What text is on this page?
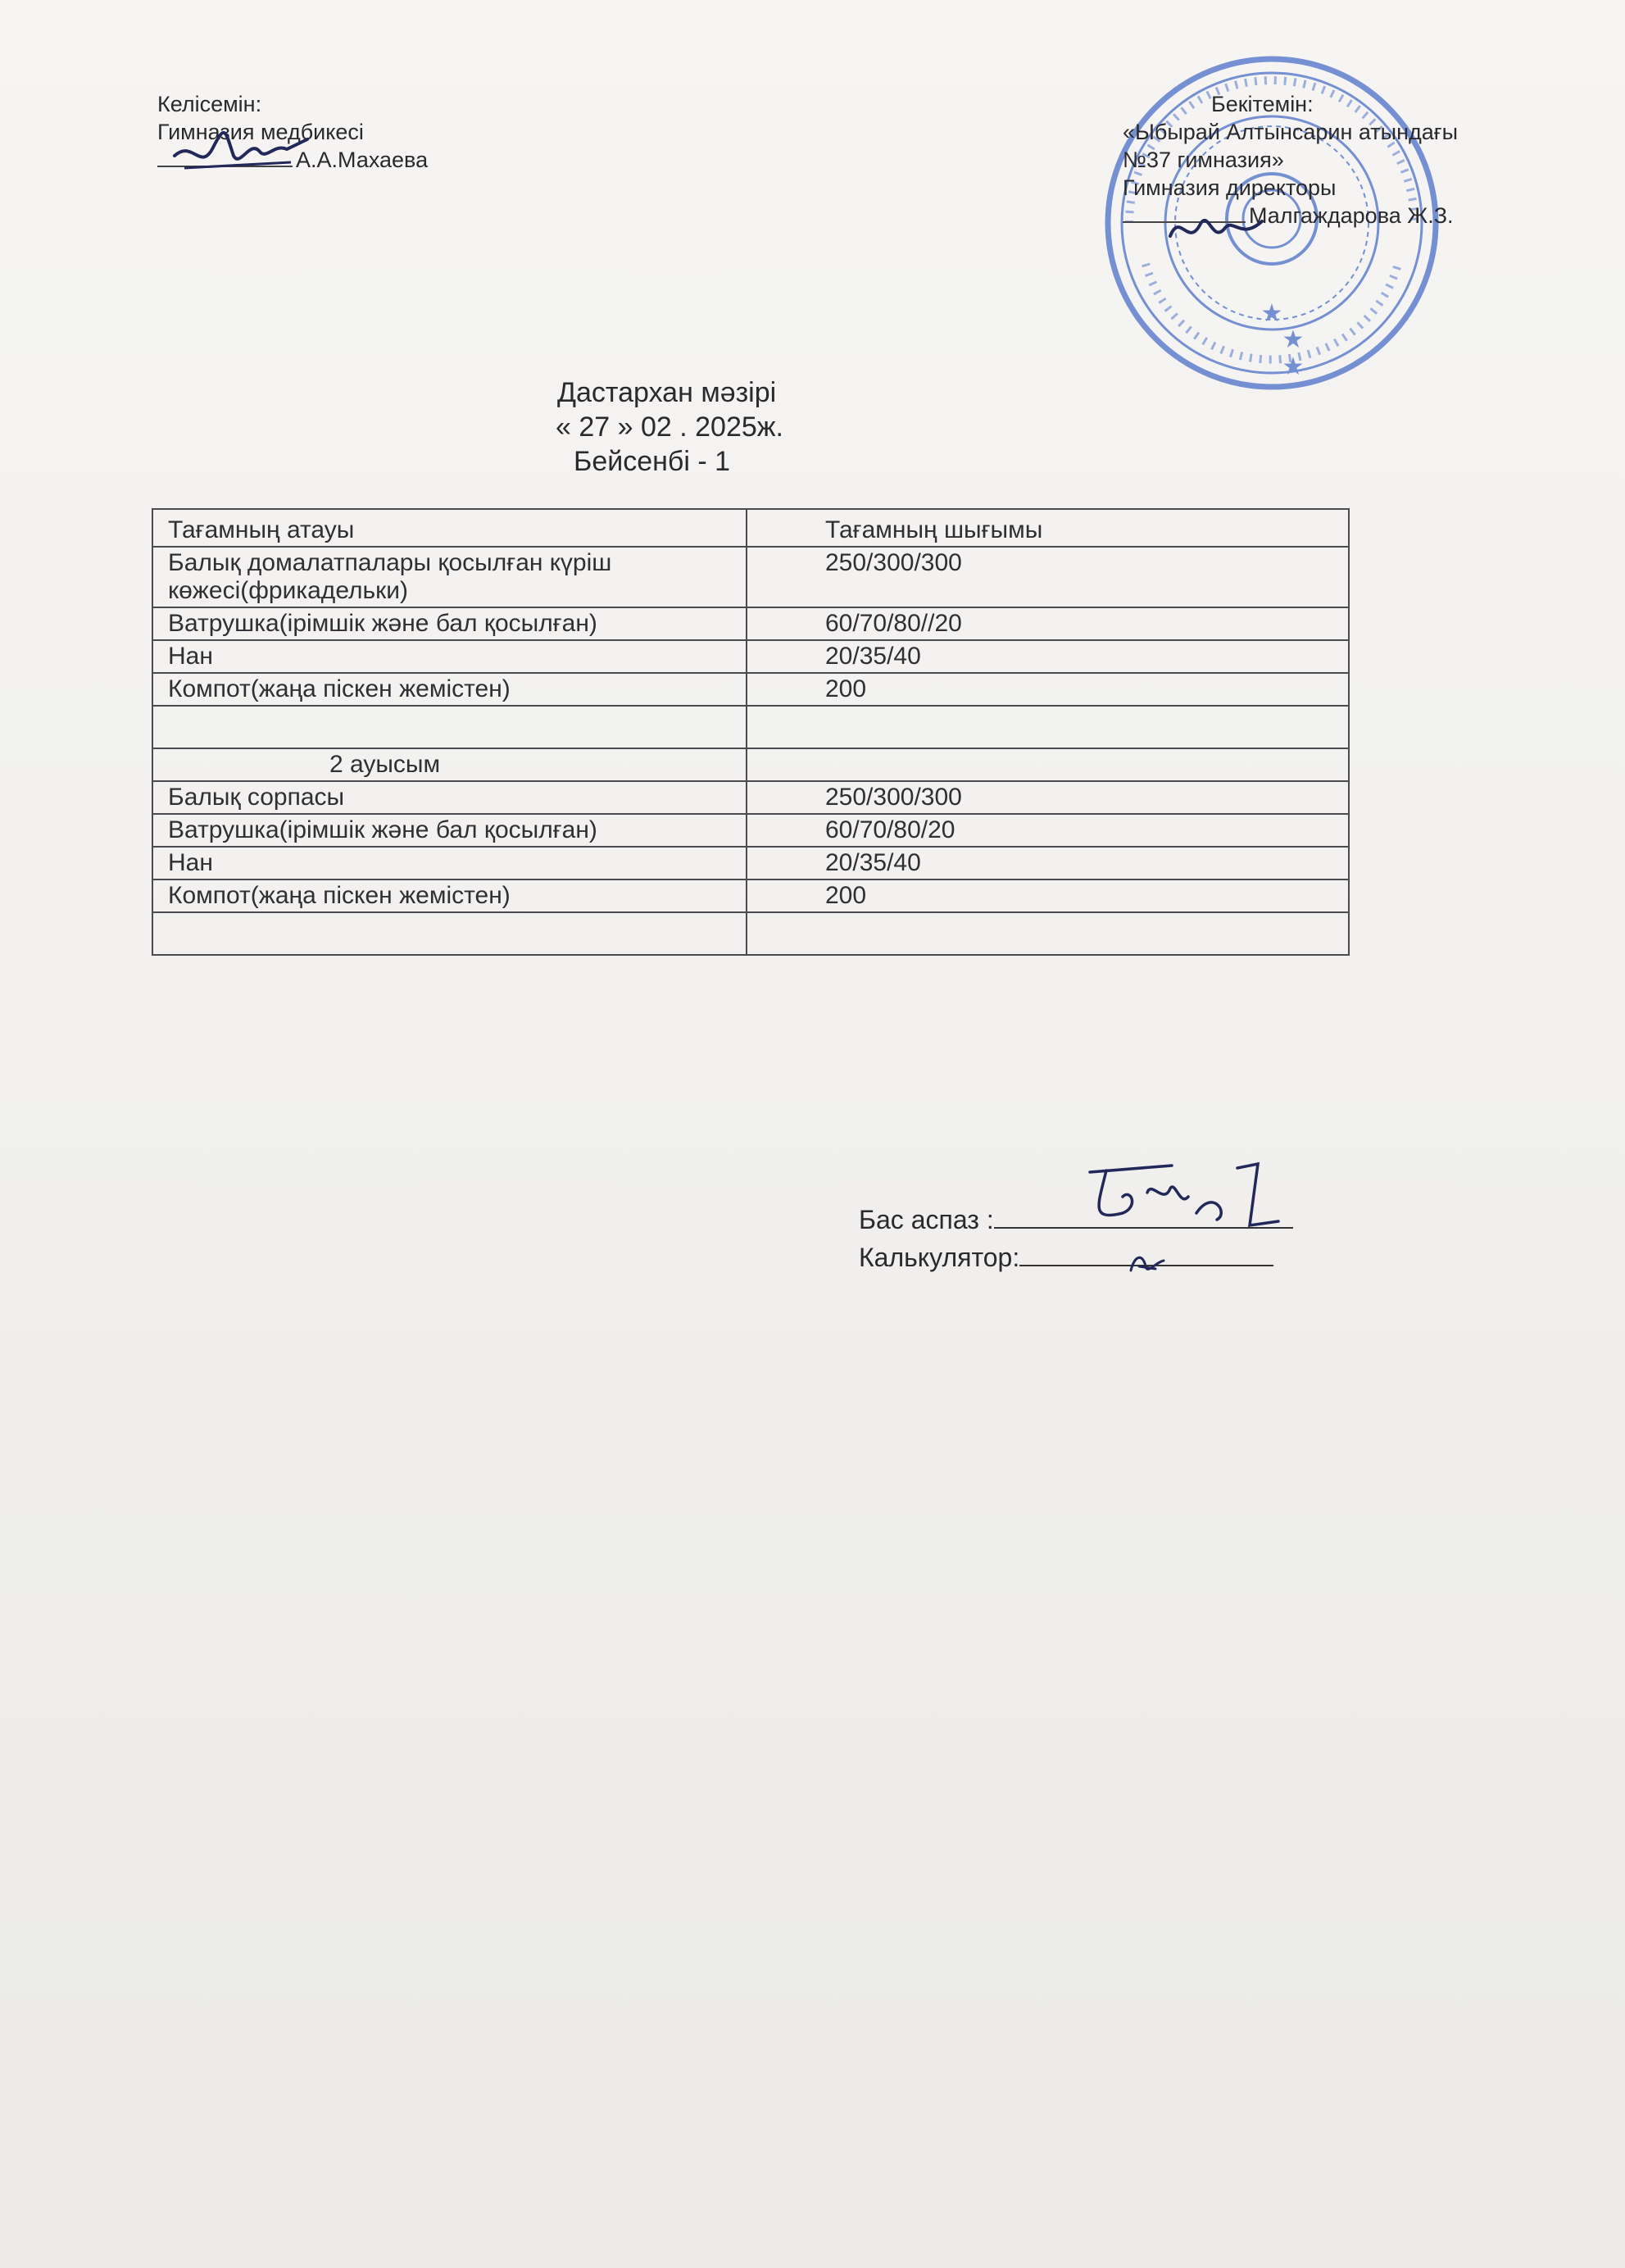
Келісемін:
Гимназия медбикесі
А.А.Махаева
★
★
★
Бекітемін:
«Ыбырай Алтынсарин атындағы
№37 гимназия»
Гимназия директоры
Малгаждарова Ж.З.
Дастархан мәзірі
« 27 » 02 . 2025ж.
Бейсенбі - 1
Тағамның атауы	Тағамның шығымы
Балық домалатпалары қосылған күріш көжесі(фрикадельки)	250/300/300
Ватрушка(ірімшік және бал қосылған)	60/70/80//20
Нан	20/35/40
Компот(жаңа піскен жемістен)	200

2 ауысым	
Балық сорпасы	250/300/300
Ватрушка(ірімшік және бал қосылған)	60/70/80/20
Нан	20/35/40
Компот(жаңа піскен жемістен)	200

Бас аспаз :
Калькулятор:
